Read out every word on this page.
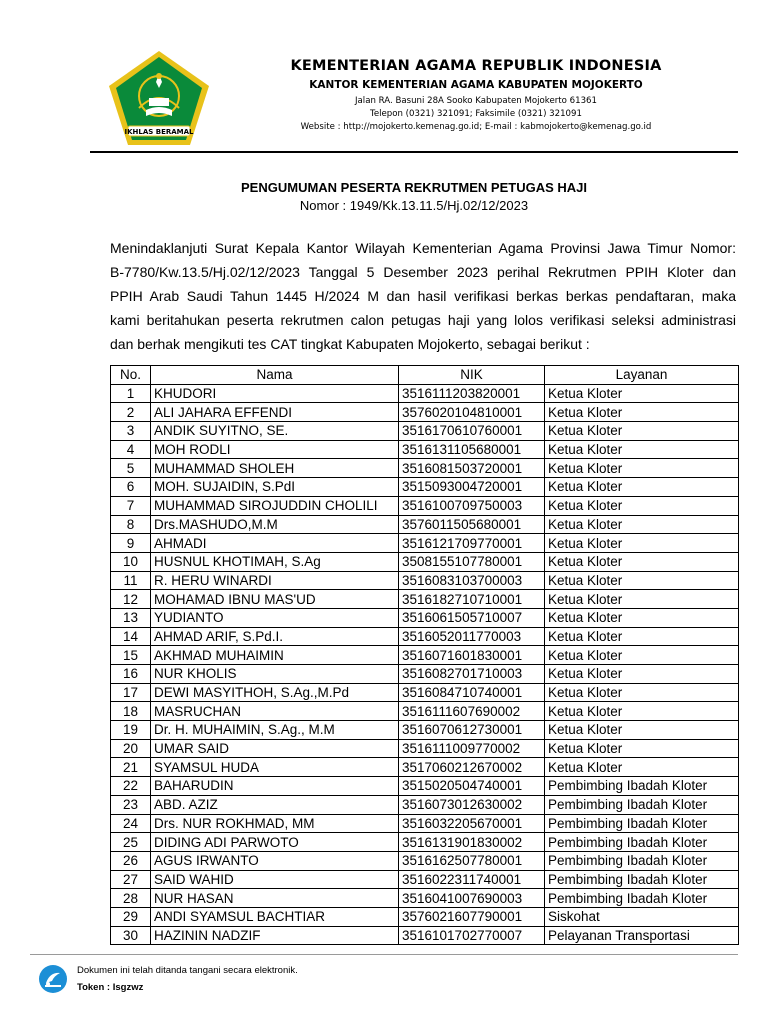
IKHLAS BERAMAL
KEMENTERIAN AGAMA REPUBLIK INDONESIA
KANTOR KEMENTERIAN AGAMA KABUPATEN MOJOKERTO
Jalan RA. Basuni 28A Sooko Kabupaten Mojokerto 61361
Telepon (0321) 321091; Faksimile (0321) 321091
Website : http://mojokerto.kemenag.go.id; E-mail : kabmojokerto@kemenag.go.id
PENGUMUMAN PESERTA REKRUTMEN PETUGAS HAJI
Nomor : 1949/Kk.13.11.5/Hj.02/12/2023
Menindaklanjuti Surat Kepala Kantor Wilayah Kementerian Agama Provinsi Jawa Timur Nomor:
B-7780/Kw.13.5/Hj.02/12/2023 Tanggal 5 Desember 2023 perihal Rekrutmen PPIH Kloter dan
PPIH Arab Saudi Tahun 1445 H/2024 M dan hasil verifikasi berkas berkas pendaftaran, maka
kami beritahukan peserta rekrutmen calon petugas haji yang lolos verifikasi seleksi administrasi
dan berhak mengikuti tes CAT tingkat Kabupaten Mojokerto, sebagai berikut :
No.	Nama	NIK	Layanan
1	KHUDORI	3516111203820001	Ketua Kloter
2	ALI JAHARA EFFENDI	3576020104810001	Ketua Kloter
3	ANDIK SUYITNO, SE.	3516170610760001	Ketua Kloter
4	MOH RODLI	3516131105680001	Ketua Kloter
5	MUHAMMAD SHOLEH	3516081503720001	Ketua Kloter
6	MOH. SUJAIDIN, S.PdI	3515093004720001	Ketua Kloter
7	MUHAMMAD SIROJUDDIN CHOLILI	3516100709750003	Ketua Kloter
8	Drs.MASHUDO,M.M	3576011505680001	Ketua Kloter
9	AHMADI	3516121709770001	Ketua Kloter
10	HUSNUL KHOTIMAH, S.Ag	3508155107780001	Ketua Kloter
11	R. HERU WINARDI	3516083103700003	Ketua Kloter
12	MOHAMAD IBNU MAS'UD	3516182710710001	Ketua Kloter
13	YUDIANTO	3516061505710007	Ketua Kloter
14	AHMAD ARIF, S.Pd.I.	3516052011770003	Ketua Kloter
15	AKHMAD MUHAIMIN	3516071601830001	Ketua Kloter
16	NUR KHOLIS	3516082701710003	Ketua Kloter
17	DEWI MASYITHOH, S.Ag.,M.Pd	3516084710740001	Ketua Kloter
18	MASRUCHAN	3516111607690002	Ketua Kloter
19	Dr. H. MUHAIMIN, S.Ag., M.M	3516070612730001	Ketua Kloter
20	UMAR SAID	3516111009770002	Ketua Kloter
21	SYAMSUL HUDA	3517060212670002	Ketua Kloter
22	BAHARUDIN	3515020504740001	Pembimbing Ibadah Kloter
23	ABD. AZIZ	3516073012630002	Pembimbing Ibadah Kloter
24	Drs. NUR ROKHMAD, MM	3516032205670001	Pembimbing Ibadah Kloter
25	DIDING ADI PARWOTO	3516131901830002	Pembimbing Ibadah Kloter
26	AGUS IRWANTO	3516162507780001	Pembimbing Ibadah Kloter
27	SAID WAHID	3516022311740001	Pembimbing Ibadah Kloter
28	NUR HASAN	3516041007690003	Pembimbing Ibadah Kloter
29	ANDI SYAMSUL BACHTIAR	3576021607790001	Siskohat
30	HAZININ NADZIF	3516101702770007	Pelayanan Transportasi
Dokumen ini telah ditanda tangani secara elektronik.
Token : Isgzwz
